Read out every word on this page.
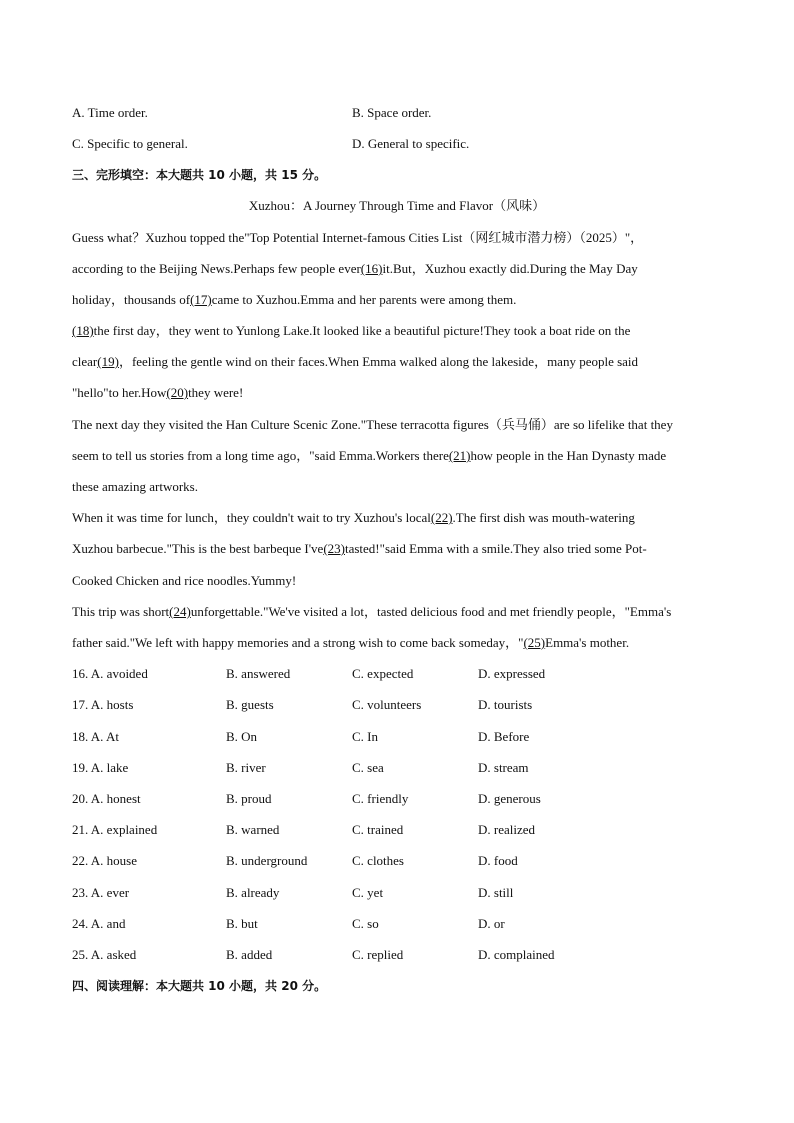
A. Time order.	B. Space order.
C. Specific to general.	D. General to specific.
三、完形填空：本大题共 10 小题，共 15 分。
Xuzhou：A Journey Through Time and Flavor（风味）
Guess what？Xuzhou topped the"Top Potential Internet-famous Cities List（网红城市潜力榜）（2025）"，
according to the Beijing News.Perhaps few people ever(16)it.But，Xuzhou exactly did.During the May Day
holiday，thousands of(17)came to Xuzhou.Emma and her parents were among them.
(18)the first day，they went to Yunlong Lake.It looked like a beautiful picture!They took a boat ride on the
clear(19)，feeling the gentle wind on their faces.When Emma walked along the lakeside，many people said
"hello"to her.How(20)they were!
The next day they visited the Han Culture Scenic Zone."These terracotta figures（兵马俑）are so lifelike that they
seem to tell us stories from a long time ago，"said Emma.Workers there(21)how people in the Han Dynasty made
these amazing artworks.
When it was time for lunch，they couldn't wait to try Xuzhou's local(22).The first dish was mouth-watering
Xuzhou barbecue."This is the best barbeque I've(23)tasted!"said Emma with a smile.They also tried some Pot-
Cooked Chicken and rice noodles.Yummy!
This trip was short(24)unforgettable."We've visited a lot，tasted delicious food and met friendly people，"Emma's
father said."We left with happy memories and a strong wish to come back someday，"(25)Emma's mother.
16. A. avoided	B. answered	C. expected	D. expressed
17. A. hosts	B. guests	C. volunteers	D. tourists
18. A. At	B. On	C. In	D. Before
19. A. lake	B. river	C. sea	D. stream
20. A. honest	B. proud	C. friendly	D. generous
21. A. explained	B. warned	C. trained	D. realized
22. A. house	B. underground	C. clothes	D. food
23. A. ever	B. already	C. yet	D. still
24. A. and	B. but	C. so	D. or
25. A. asked	B. added	C. replied	D. complained
四、阅读理解：本大题共 10 小题，共 20 分。
